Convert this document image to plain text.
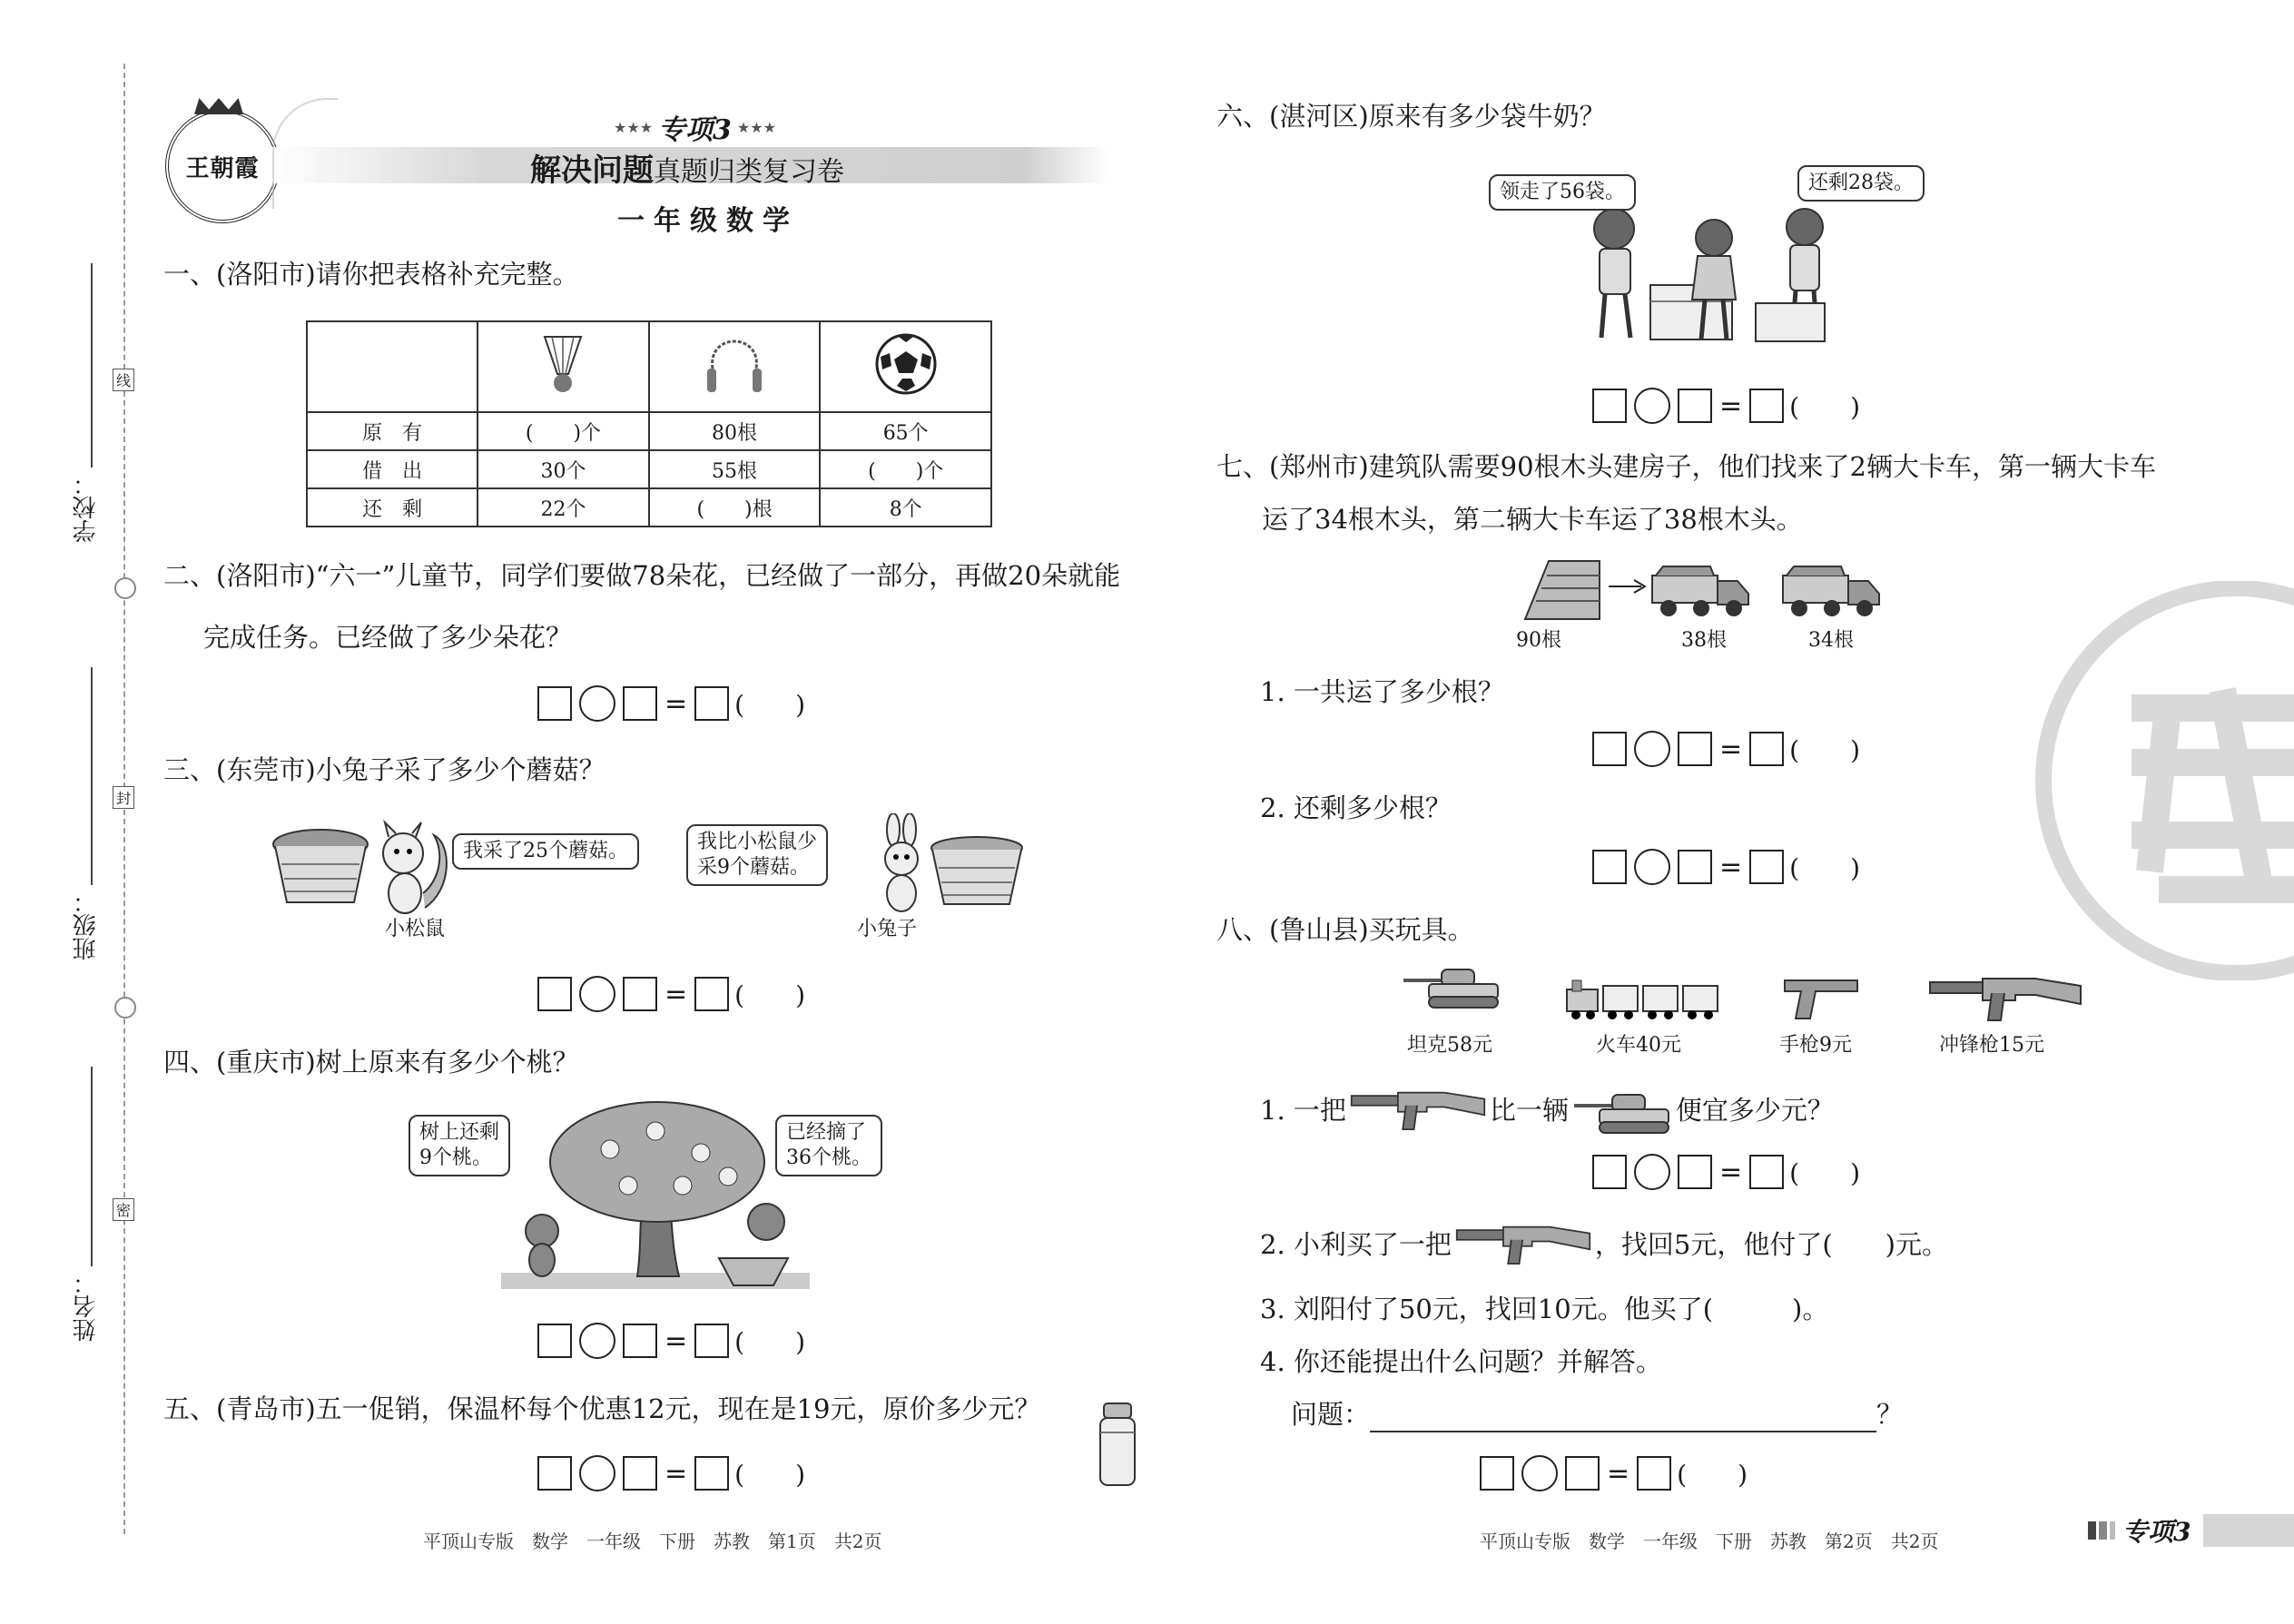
线
封
密
学校：
班级：
姓名：
王朝霞
★★★ 专项3 ★★★
解决问题真题归类复习卷
一年级数学
一、(洛阳市)请你把表格补充完整。

原　有	(　　)个	80根	65个
借　出	30个	55根	(　　)个
还　剩	22个	(　　)根	8个
二、(洛阳市)“六一”儿童节，同学们要做78朵花，已经做了一部分，再做20朵就能
完成任务。已经做了多少朵花？
= (　　)
三、(东莞市)小兔子采了多少个蘑菇？
我采了25个蘑菇。
小松鼠
我比小松鼠少
采9个蘑菇。
小兔子
= (　　)
四、(重庆市)树上原来有多少个桃？
树上还剩
9个桃。
已经摘了
36个桃。
= (　　)
五、(青岛市)五一促销，保温杯每个优惠12元，现在是19元，原价多少元？
= (　　)
平顶山专版　数学　一年级　下册　苏教　第1页　共2页
六、(湛河区)原来有多少袋牛奶？
领走了56袋。	还剩28袋。
= (　　)
七、(郑州市)建筑队需要90根木头建房子，他们找来了2辆大卡车，第一辆大卡车
运了34根木头，第二辆大卡车运了38根木头。
90根	38根	34根
1. 一共运了多少根？
= (　　)
2. 还剩多少根？
= (　　)
八、(鲁山县)买玩具。
坦克58元	火车40元	手枪9元	冲锋枪15元
1. 一把	比一辆	便宜多少元？
= (　　)
2. 小利买了一把	，找回5元，他付了(　　)元。
3. 刘阳付了50元，找回10元。他买了(　　　)。
4. 你还能提出什么问题？并解答。
问题：	？
= (　　)
平顶山专版　数学　一年级　下册　苏教　第2页　共2页	专项3
